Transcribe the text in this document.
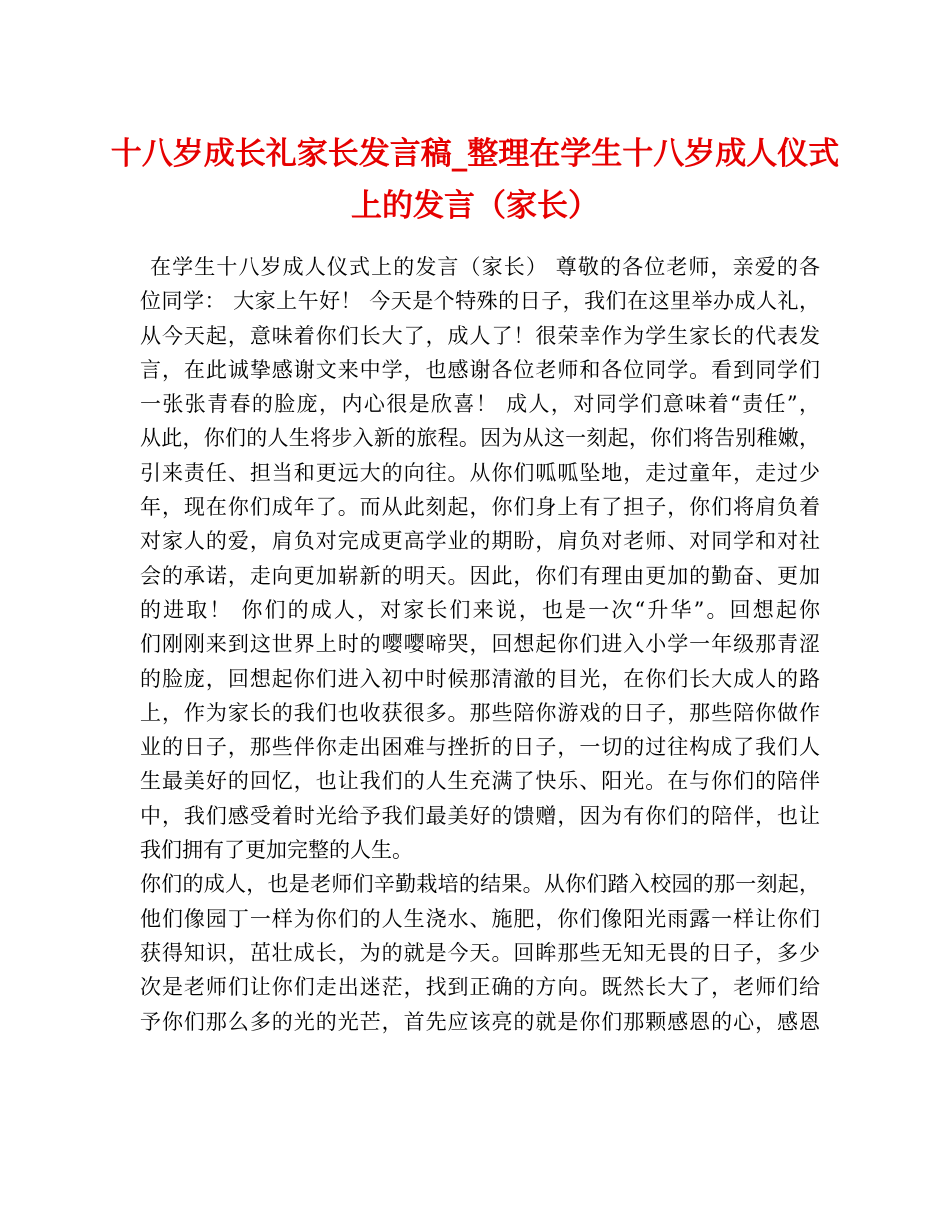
十八岁成长礼家长发言稿_整理在学生十八岁成人仪式
上的发言（家长）
在学生十八岁成人仪式上的发言（家长） 尊敬的各位老师，亲爱的各
位同学： 大家上午好！ 今天是个特殊的日子，我们在这里举办成人礼，
从今天起，意味着你们长大了，成人了！很荣幸作为学生家长的代表发
言，在此诚挚感谢文来中学，也感谢各位老师和各位同学。看到同学们
一张张青春的脸庞，内心很是欣喜！ 成人，对同学们意味着“责任”，
从此，你们的人生将步入新的旅程。因为从这一刻起，你们将告别稚嫩，
引来责任、担当和更远大的向往。从你们呱呱坠地，走过童年，走过少
年，现在你们成年了。而从此刻起，你们身上有了担子，你们将肩负着
对家人的爱，肩负对完成更高学业的期盼，肩负对老师、对同学和对社
会的承诺，走向更加崭新的明天。因此，你们有理由更加的勤奋、更加
的进取！ 你们的成人，对家长们来说，也是一次“升华”。回想起你
们刚刚来到这世界上时的嘤嘤啼哭，回想起你们进入小学一年级那青涩
的脸庞，回想起你们进入初中时候那清澈的目光，在你们长大成人的路
上，作为家长的我们也收获很多。那些陪你游戏的日子，那些陪你做作
业的日子，那些伴你走出困难与挫折的日子，一切的过往构成了我们人
生最美好的回忆，也让我们的人生充满了快乐、阳光。在与你们的陪伴
中，我们感受着时光给予我们最美好的馈赠，因为有你们的陪伴，也让
我们拥有了更加完整的人生。
你们的成人，也是老师们辛勤栽培的结果。从你们踏入校园的那一刻起，
他们像园丁一样为你们的人生浇水、施肥，你们像阳光雨露一样让你们
获得知识，茁壮成长，为的就是今天。回眸那些无知无畏的日子，多少
次是老师们让你们走出迷茫，找到正确的方向。既然长大了，老师们给
予你们那么多的光的光芒，首先应该亮的就是你们那颗感恩的心，感恩
